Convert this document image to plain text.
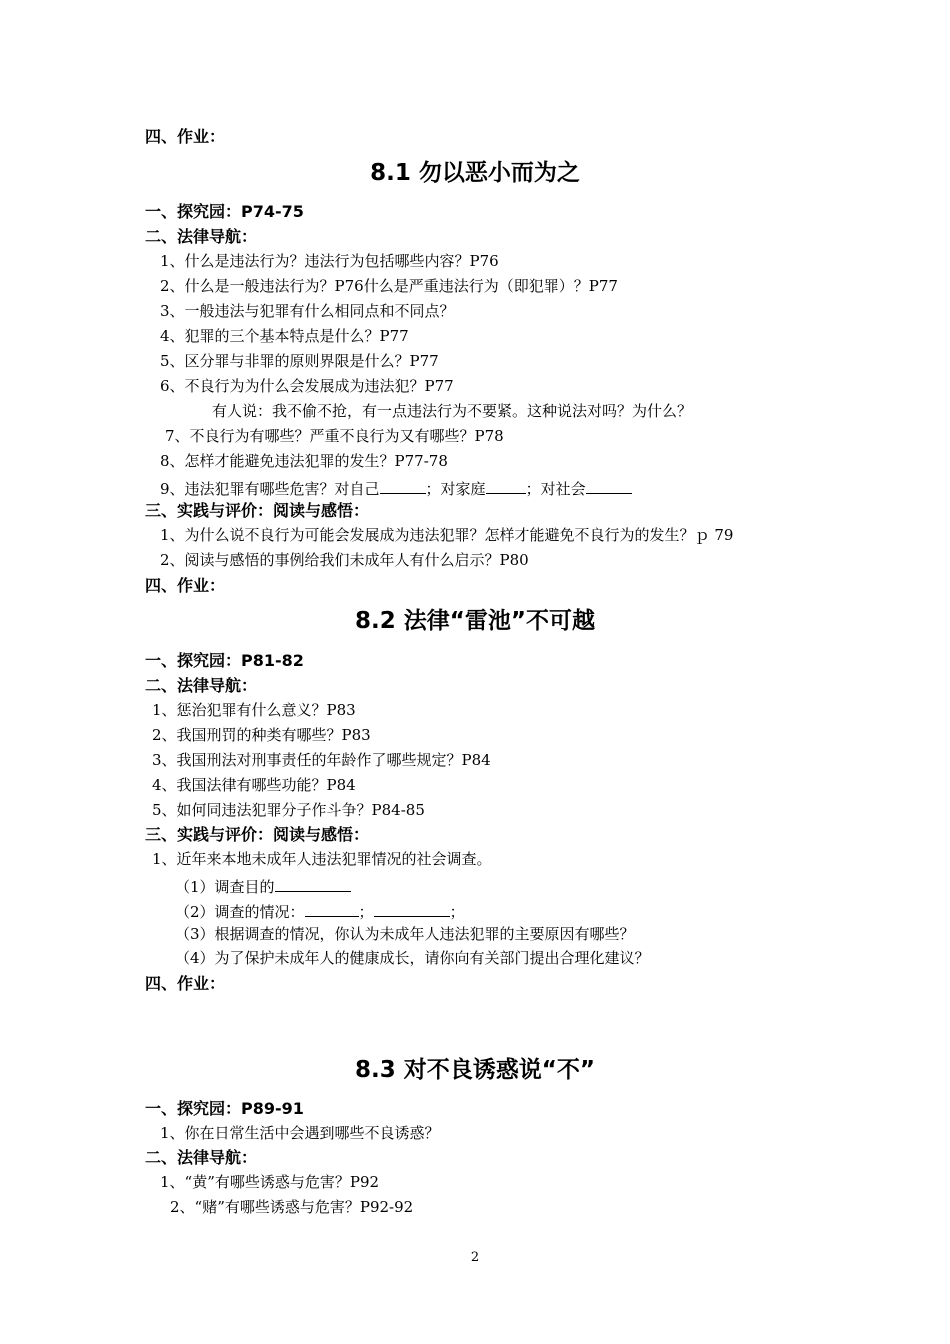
四、作业：
8.1 勿以恶小而为之
一、探究园：P74-75
二、法律导航：
1、什么是违法行为？违法行为包括哪些内容？P76
2、什么是一般违法行为？P76什么是严重违法行为（即犯罪）？P77
3、一般违法与犯罪有什么相同点和不同点？
4、犯罪的三个基本特点是什么？P77
5、区分罪与非罪的原则界限是什么？P77
6、不良行为为什么会发展成为违法犯？P77
有人说：我不偷不抢，有一点违法行为不要紧。这种说法对吗？为什么？
7、不良行为有哪些？严重不良行为又有哪些？P78
8、怎样才能避免违法犯罪的发生？P77-78
9、违法犯罪有哪些危害？对自己	；对家庭	；对社会
三、实践与评价：阅读与感悟：
1、为什么说不良行为可能会发展成为违法犯罪？怎样才能避免不良行为的发生？ｐ 79
2、阅读与感悟的事例给我们未成年人有什么启示？P80
四、作业：
8.2 法律“雷池”不可越
一、探究园：P81-82
二、法律导航：
1、惩治犯罪有什么意义？P83
2、我国刑罚的种类有哪些？P83
3、我国刑法对刑事责任的年龄作了哪些规定？P84
4、我国法律有哪些功能？P84
5、如何同违法犯罪分子作斗争？P84-85
三、实践与评价：阅读与感悟：
1、近年来本地未成年人违法犯罪情况的社会调查。
（1）调查目的
（2）调查的情况：	；	；
（3）根据调查的情况，你认为未成年人违法犯罪的主要原因有哪些？
（4）为了保护未成年人的健康成长，请你向有关部门提出合理化建议？
四、作业：
8.3 对不良诱惑说“不”
一、探究园：P89-91
1、你在日常生活中会遇到哪些不良诱惑？
二、法律导航：
1、“黄”有哪些诱惑与危害？P92
2、“赌”有哪些诱惑与危害？P92-92
2
